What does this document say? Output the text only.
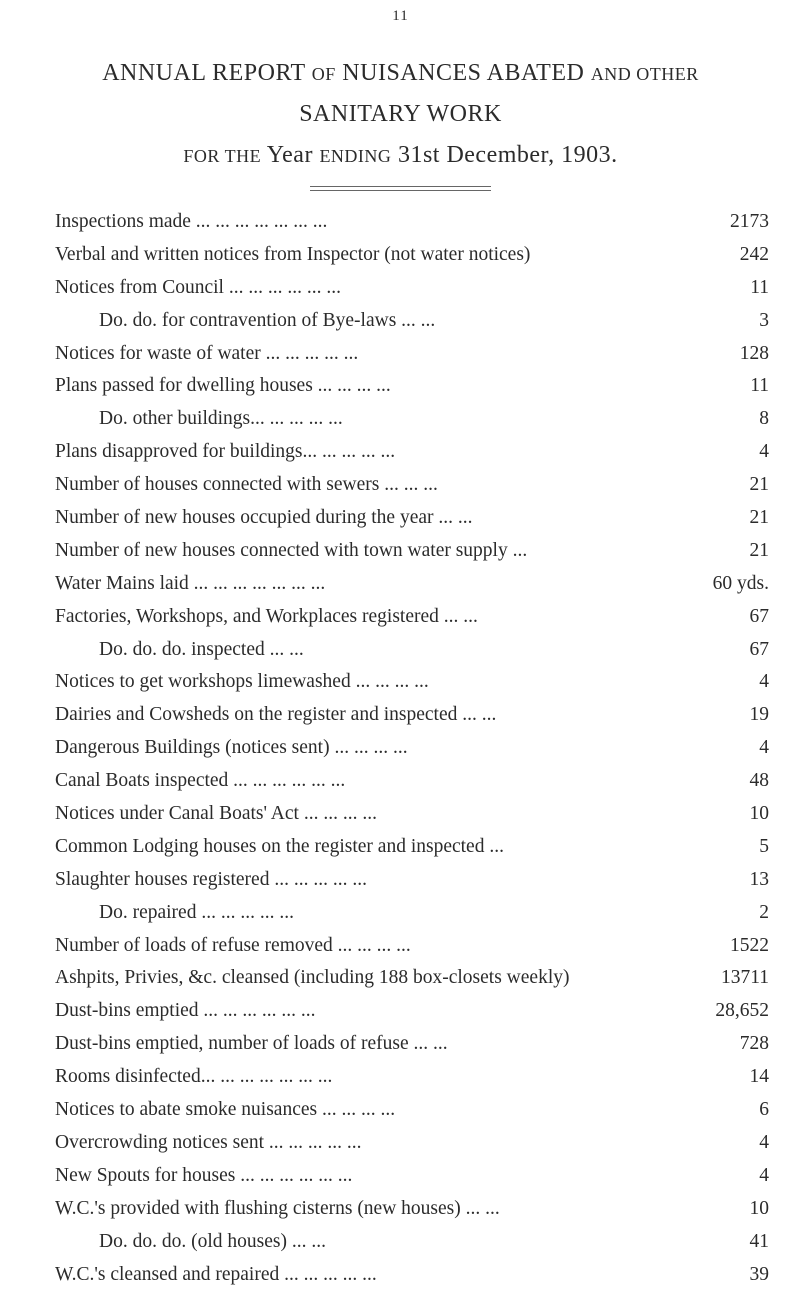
11
ANNUAL REPORT OF NUISANCES ABATED AND OTHER
SANITARY WORK
FOR THE Year ENDING 31st December, 1903.
Inspections made ... ... ... ... ... ... ...	2173
Verbal and written notices from Inspector (not water notices)	242
Notices from Council ... ... ... ... ... ...	11
Do. do. for contravention of Bye-laws ... ...	3
Notices for waste of water ... ... ... ... ...	128
Plans passed for dwelling houses ... ... ... ...	11
Do. other buildings... ... ... ... ...	8
Plans disapproved for buildings... ... ... ... ...	4
Number of houses connected with sewers ... ... ...	21
Number of new houses occupied during the year ... ...	21
Number of new houses connected with town water supply ...	21
Water Mains laid ... ... ... ... ... ... ...	60 yds.
Factories, Workshops, and Workplaces registered ... ...	67
Do. do. do. inspected ... ...	67
Notices to get workshops limewashed ... ... ... ...	4
Dairies and Cowsheds on the register and inspected ... ...	19
Dangerous Buildings (notices sent) ... ... ... ...	4
Canal Boats inspected ... ... ... ... ... ...	48
Notices under Canal Boats' Act ... ... ... ...	10
Common Lodging houses on the register and inspected ...	5
Slaughter houses registered ... ... ... ... ...	13
Do. repaired ... ... ... ... ...	2
Number of loads of refuse removed ... ... ... ...	1522
Ashpits, Privies, &c. cleansed (including 188 box-closets weekly)	13711
Dust-bins emptied ... ... ... ... ... ...	28,652
Dust-bins emptied, number of loads of refuse ... ...	728
Rooms disinfected... ... ... ... ... ... ...	14
Notices to abate smoke nuisances ... ... ... ...	6
Overcrowding notices sent ... ... ... ... ...	4
New Spouts for houses ... ... ... ... ... ...	4
W.C.'s provided with flushing cisterns (new houses) ... ...	10
Do. do. do. (old houses) ... ...	41
W.C.'s cleansed and repaired ... ... ... ... ...	39
